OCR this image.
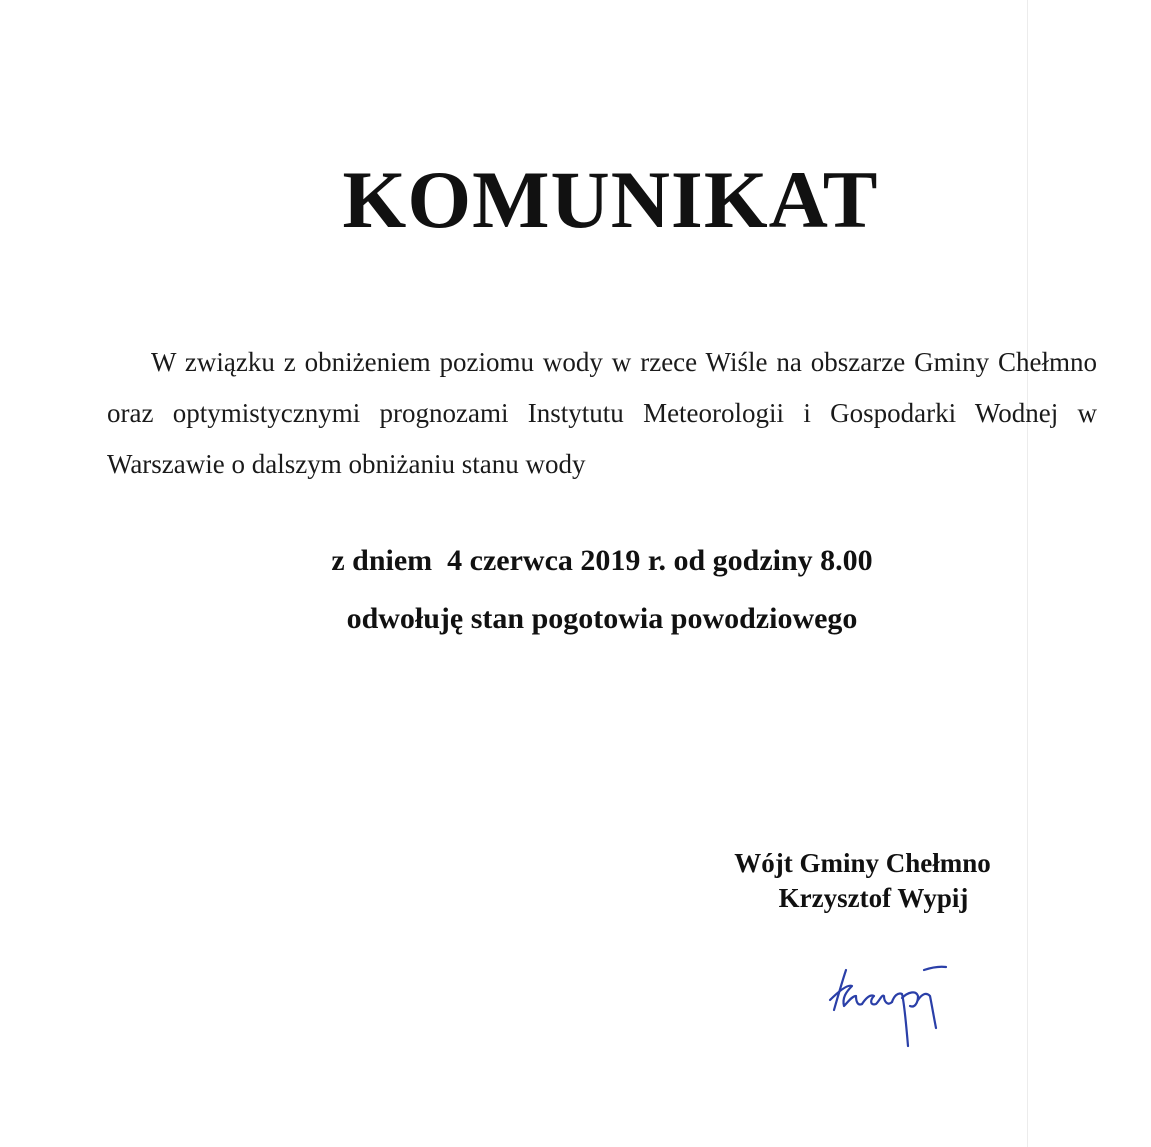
KOMUNIKAT

W związku z obniżeniem poziomu wody w rzece Wiśle na obszarze Gminy Chełmno oraz optymistycznymi prognozami Instytutu Meteorologii i Gospodarki Wodnej w Warszawie o dalszym obniżaniu stanu wody

z dniem  4 czerwca 2019 r. od godziny 8.00
odwołuję stan pogotowia powodziowego
Wójt Gminy Chełmno
Krzysztof Wypij
